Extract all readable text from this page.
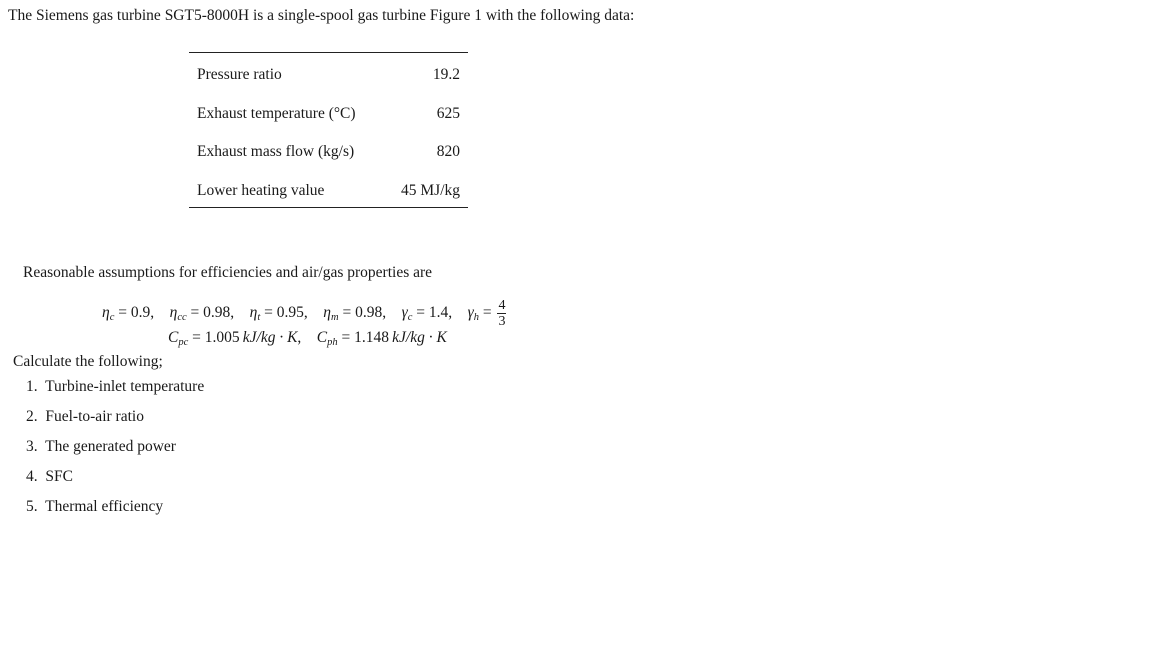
The Siemens gas turbine SGT5-8000H is a single-spool gas turbine Figure 1 with the following data:

Pressure ratio	19.2
Exhaust temperature (°C)	625
Exhaust mass flow (kg/s)	820
Lower heating value	45 MJ/kg
Reasonable assumptions for efficiencies and air/gas properties are
$\eta_c = 0.9$,    $\eta_{cc} = 0.98$,    $\eta_t = 0.95$,    $\eta_m = 0.98$,    $\gamma_c = 1.4$,    $\gamma_h = \frac{4}{3}$
$C_{pc} = 1.005$  kJ/kg · K,    $C_{ph} = 1.148$  kJ/kg · K
Calculate the following;
1. Turbine-inlet temperature
2. Fuel-to-air ratio
3. The generated power
4. SFC
5. Thermal efficiency
